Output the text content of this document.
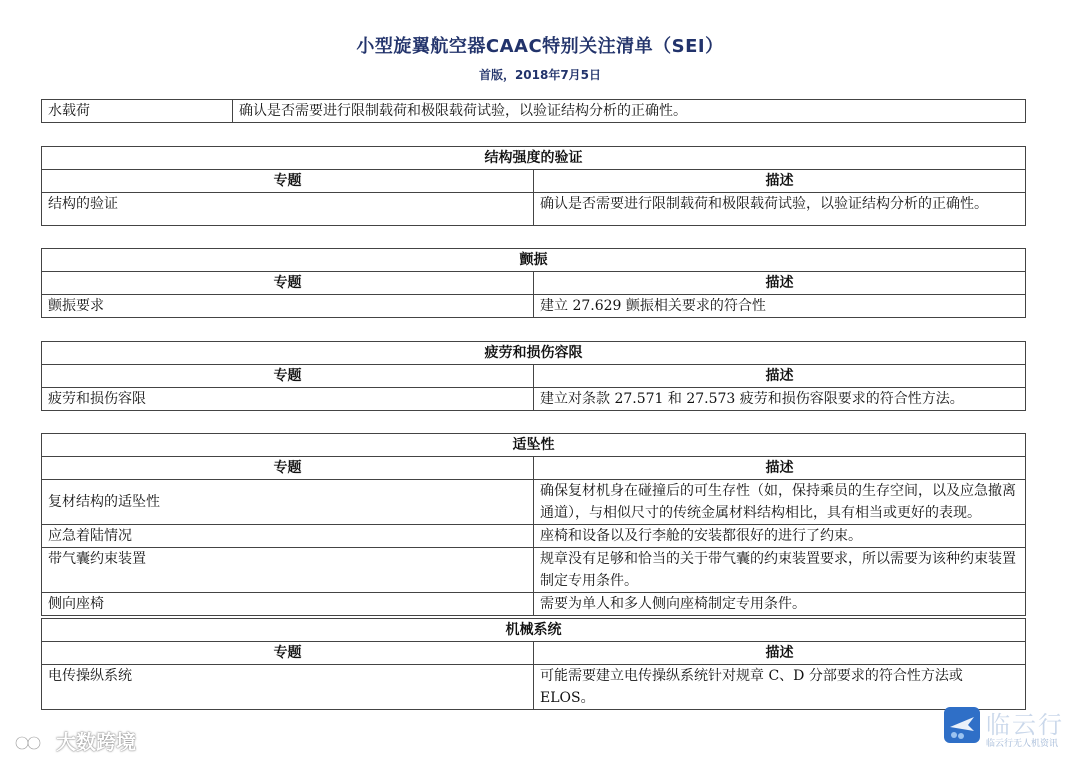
小型旋翼航空器CAAC特别关注清单（SEI）
首版，2018年7月5日
水载荷	确认是否需要进行限制载荷和极限载荷试验，以验证结构分析的正确性。
结构强度的验证	
专题	描述
结构的验证	确认是否需要进行限制载荷和极限载荷试验，以验证结构分析的正确性。
颤振	
专题	描述
颤振要求	建立 27.629 颤振相关要求的符合性
疲劳和损伤容限	
专题	描述
疲劳和损伤容限	建立对条款 27.571 和 27.573 疲劳和损伤容限要求的符合性方法。
适坠性	
专题	描述
复材结构的适坠性	确保复材机身在碰撞后的可生存性（如，保持乘员的生存空间，以及应急撤离通道），与相似尺寸的传统金属材料结构相比，具有相当或更好的表现。
应急着陆情况	座椅和设备以及行李舱的安装都很好的进行了约束。
带气囊约束装置	规章没有足够和恰当的关于带气囊的约束装置要求，所以需要为该种约束装置制定专用条件。
侧向座椅	需要为单人和多人侧向座椅制定专用条件。
机械系统	
专题	描述
电传操纵系统	可能需要建立电传操纵系统针对规章 C、D 分部要求的符合性方法或 ELOS。
大数跨境
临云行
临云行无人机资讯
